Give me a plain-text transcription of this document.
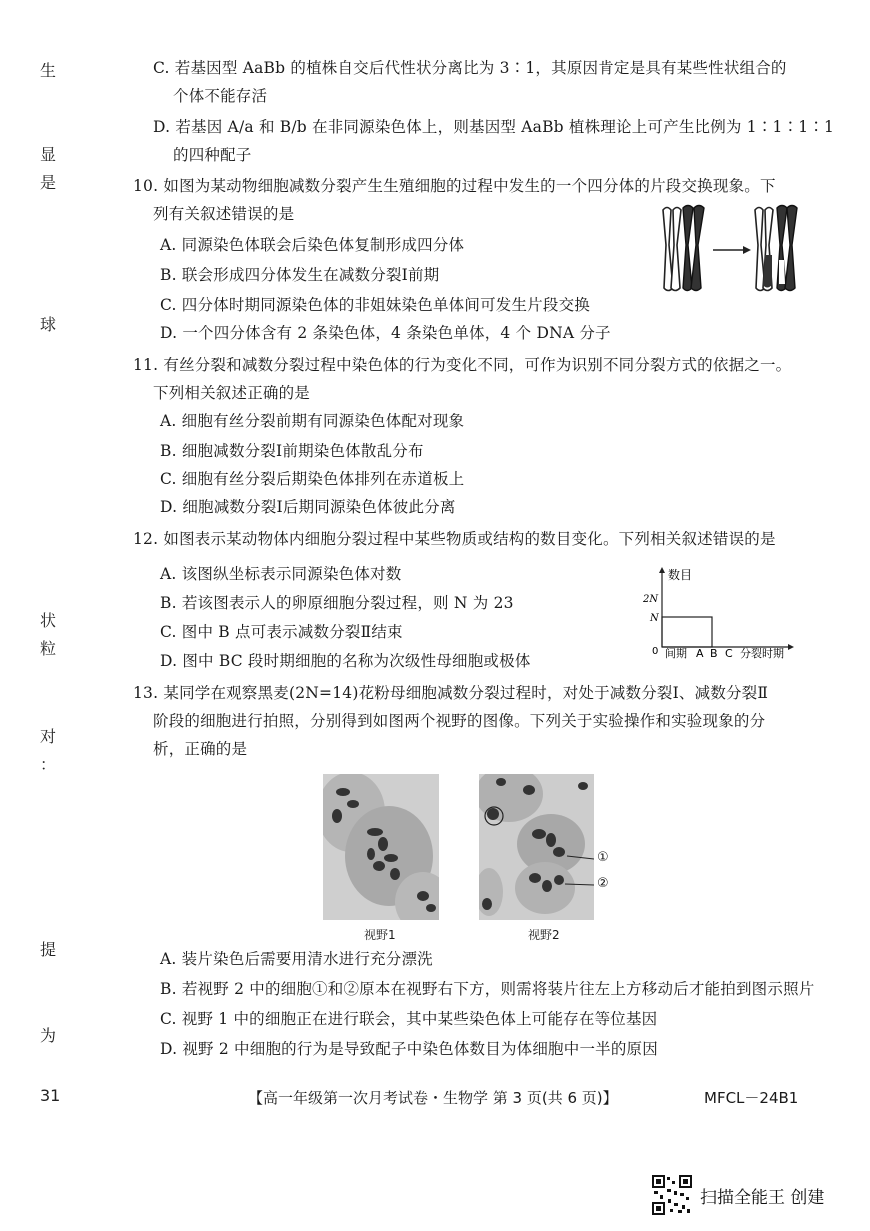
生
显
是
球
状
粒
对
：
提
为
31
C. 若基因型 AaBb 的植株自交后代性状分离比为 3∶1，其原因肯定是具有某些性状组合的
个体不能存活
D. 若基因 A/a 和 B/b 在非同源染色体上，则基因型 AaBb 植株理论上可产生比例为 1∶1∶1∶1
的四种配子
10. 如图为某动物细胞减数分裂产生生殖细胞的过程中发生的一个四分体的片段交换现象。下
列有关叙述错误的是
A. 同源染色体联会后染色体复制形成四分体
B. 联会形成四分体发生在减数分裂Ⅰ前期
C. 四分体时期同源染色体的非姐妹染色单体间可发生片段交换
D. 一个四分体含有 2 条染色体，4 条染色单体，4 个 DNA 分子
11. 有丝分裂和减数分裂过程中染色体的行为变化不同，可作为识别不同分裂方式的依据之一。
下列相关叙述正确的是
A. 细胞有丝分裂前期有同源染色体配对现象
B. 细胞减数分裂Ⅰ前期染色体散乱分布
C. 细胞有丝分裂后期染色体排列在赤道板上
D. 细胞减数分裂Ⅰ后期同源染色体彼此分离
12. 如图表示某动物体内细胞分裂过程中某些物质或结构的数目变化。下列相关叙述错误的是
A. 该图纵坐标表示同源染色体对数
B. 若该图表示人的卵原细胞分裂过程，则 N 为 23
C. 图中 B 点可表示减数分裂Ⅱ结束
D. 图中 BC 段时期细胞的名称为次级性母细胞或极体
数目
2N
N
0 间期 A B C 分裂时期
13. 某同学在观察黑麦(2N=14)花粉母细胞减数分裂过程时，对处于减数分裂Ⅰ、减数分裂Ⅱ
阶段的细胞进行拍照，分别得到如图两个视野的图像。下列关于实验操作和实验现象的分
析，正确的是
视野1
①
②
视野2
A. 装片染色后需要用清水进行充分漂洗
B. 若视野 2 中的细胞①和②原本在视野右下方，则需将装片往左上方移动后才能拍到图示照片
C. 视野 1 中的细胞正在进行联会，其中某些染色体上可能存在等位基因
D. 视野 2 中细胞的行为是导致配子中染色体数目为体细胞中一半的原因
【高一年级第一次月考试卷・生物学 第 3 页(共 6 页)】	MFCL－24B1
扫描全能王 创建
